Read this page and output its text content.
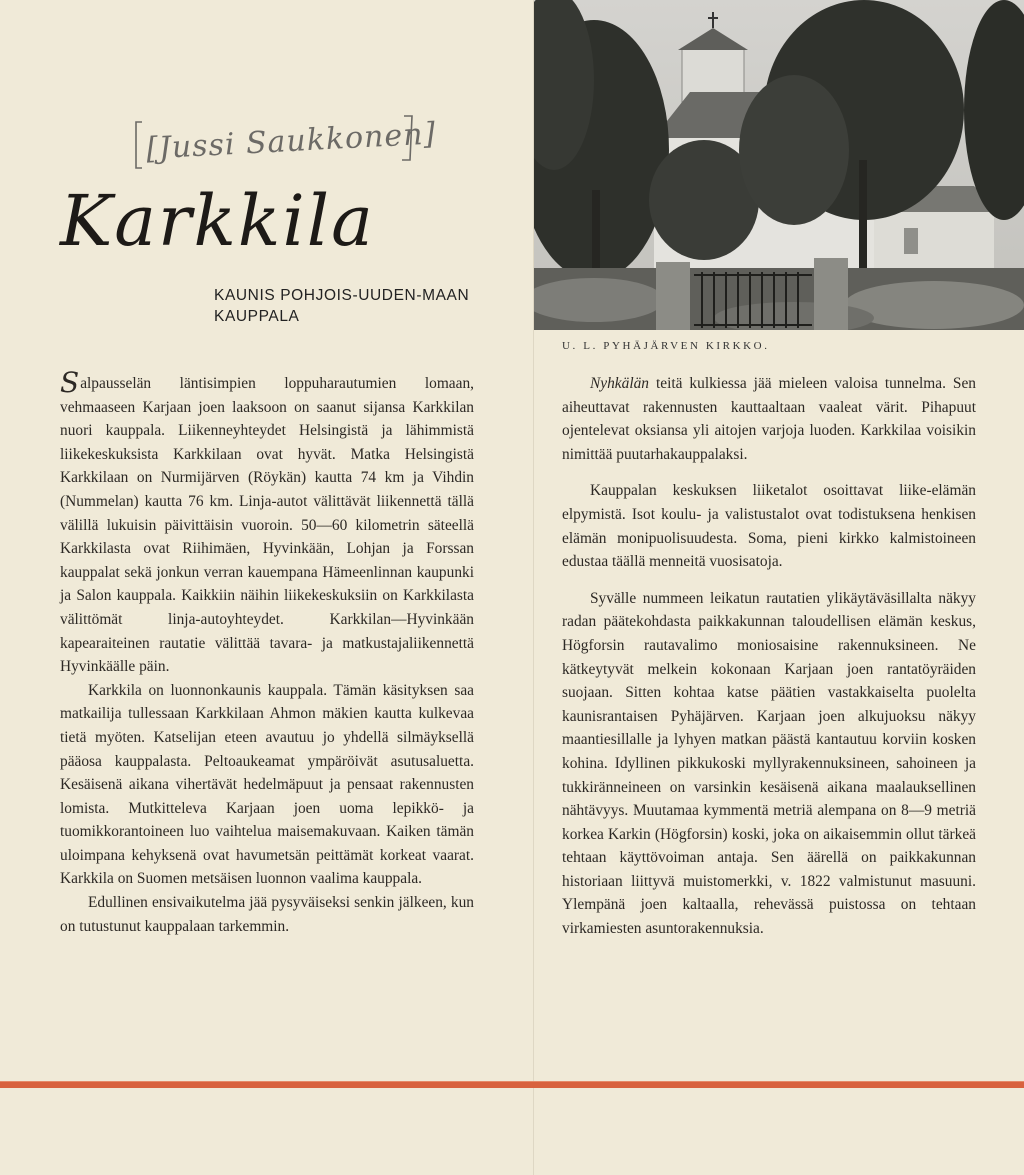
[Jussi Saukkonen]
Karkkila
KAUNIS POHJOIS-UUDEN-MAAN KAUPPALA
U. L. PYHÄJÄRVEN KIRKKO.

Salpausselän läntisimpien loppuharautumien lomaan, vehmaaseen Karjaan joen laaksoon on saanut sijansa Karkkilan nuori kauppala. Liikenneyhteydet Helsingistä ja lähimmistä liikekeskuksista Karkkilaan ovat hyvät. Matka Helsingistä Karkkilaan on Nurmijärven (Röykän) kautta 74 km ja Vihdin (Nummelan) kautta 76 km. Linja-autot välittävät liikennettä tällä välillä lukuisin päivittäisin vuoroin. 50—60 kilometrin säteellä Karkkilasta ovat Riihimäen, Hyvinkään, Lohjan ja Forssan kauppalat sekä jonkun verran kauempana Hämeenlinnan kaupunki ja Salon kauppala. Kaikkiin näihin liikekeskuksiin on Karkkilasta välittömät linja-autoyhteydet. Karkkilan—Hyvinkään kapearaiteinen rautatie välittää tavara- ja matkustajaliikennettä Hyvinkäälle päin.

Karkkila on luonnonkaunis kauppala. Tämän käsityksen saa matkailija tullessaan Karkkilaan Ahmon mäkien kautta kulkevaa tietä myöten. Katselijan eteen avautuu jo yhdellä silmäyksellä pääosa kauppalasta. Peltoaukeamat ympäröivät asutusaluetta. Kesäisenä aikana vihertävät hedelmäpuut ja pensaat rakennusten lomista. Mutkitteleva Karjaan joen uoma lepikkö- ja tuomikkorantoineen luo vaihtelua maisemakuvaan. Kaiken tämän uloimpana kehyksenä ovat havumetsän peittämät korkeat vaarat. Karkkila on Suomen metsäisen luonnon vaalima kauppala.

Edullinen ensivaikutelma jää pysyväiseksi senkin jälkeen, kun on tutustunut kauppalaan tarkemmin.

Nyhkälän teitä kulkiessa jää mieleen valoisa tunnelma. Sen aiheuttavat rakennusten kauttaaltaan vaaleat värit. Pihapuut ojentelevat oksiansa yli aitojen varjoja luoden. Karkkilaa voisikin nimittää puutarhakauppalaksi.

Kauppalan keskuksen liiketalot osoittavat liike-elämän elpymistä. Isot koulu- ja valistustalot ovat todistuksena henkisen elämän monipuolisuudesta. Soma, pieni kirkko kalmistoineen edustaa täällä menneitä vuosisatoja.

Syvälle nummeen leikatun rautatien ylikäytäväsillalta näkyy radan päätekohdasta paikkakunnan taloudellisen elämän keskus, Högforsin rautavalimo moniosaisine rakennuksineen. Ne kätkeytyvät melkein kokonaan Karjaan joen rantatöyräiden suojaan. Sitten kohtaa katse päätien vastakkaiselta puolelta kaunisrantaisen Pyhäjärven. Karjaan joen alkujuoksu näkyy maantiesillalle ja lyhyen matkan päästä kantautuu korviin kosken kohina. Idyllinen pikkukoski myllyrakennuksineen, sahoineen ja tukkiränneineen on varsinkin kesäisenä aikana maalauksellinen nähtävyys. Muutamaa kymmentä metriä alempana on 8—9 metriä korkea Karkin (Högforsin) koski, joka on aikaisemmin ollut tärkeä tehtaan käyttövoiman antaja. Sen äärellä on paikkakunnan historiaan liittyvä muistomerkki, v. 1822 valmistunut masuuni. Ylempänä joen kaltaalla, rehevässä puistossa on tehtaan virkamiesten asuntorakennuksia.
